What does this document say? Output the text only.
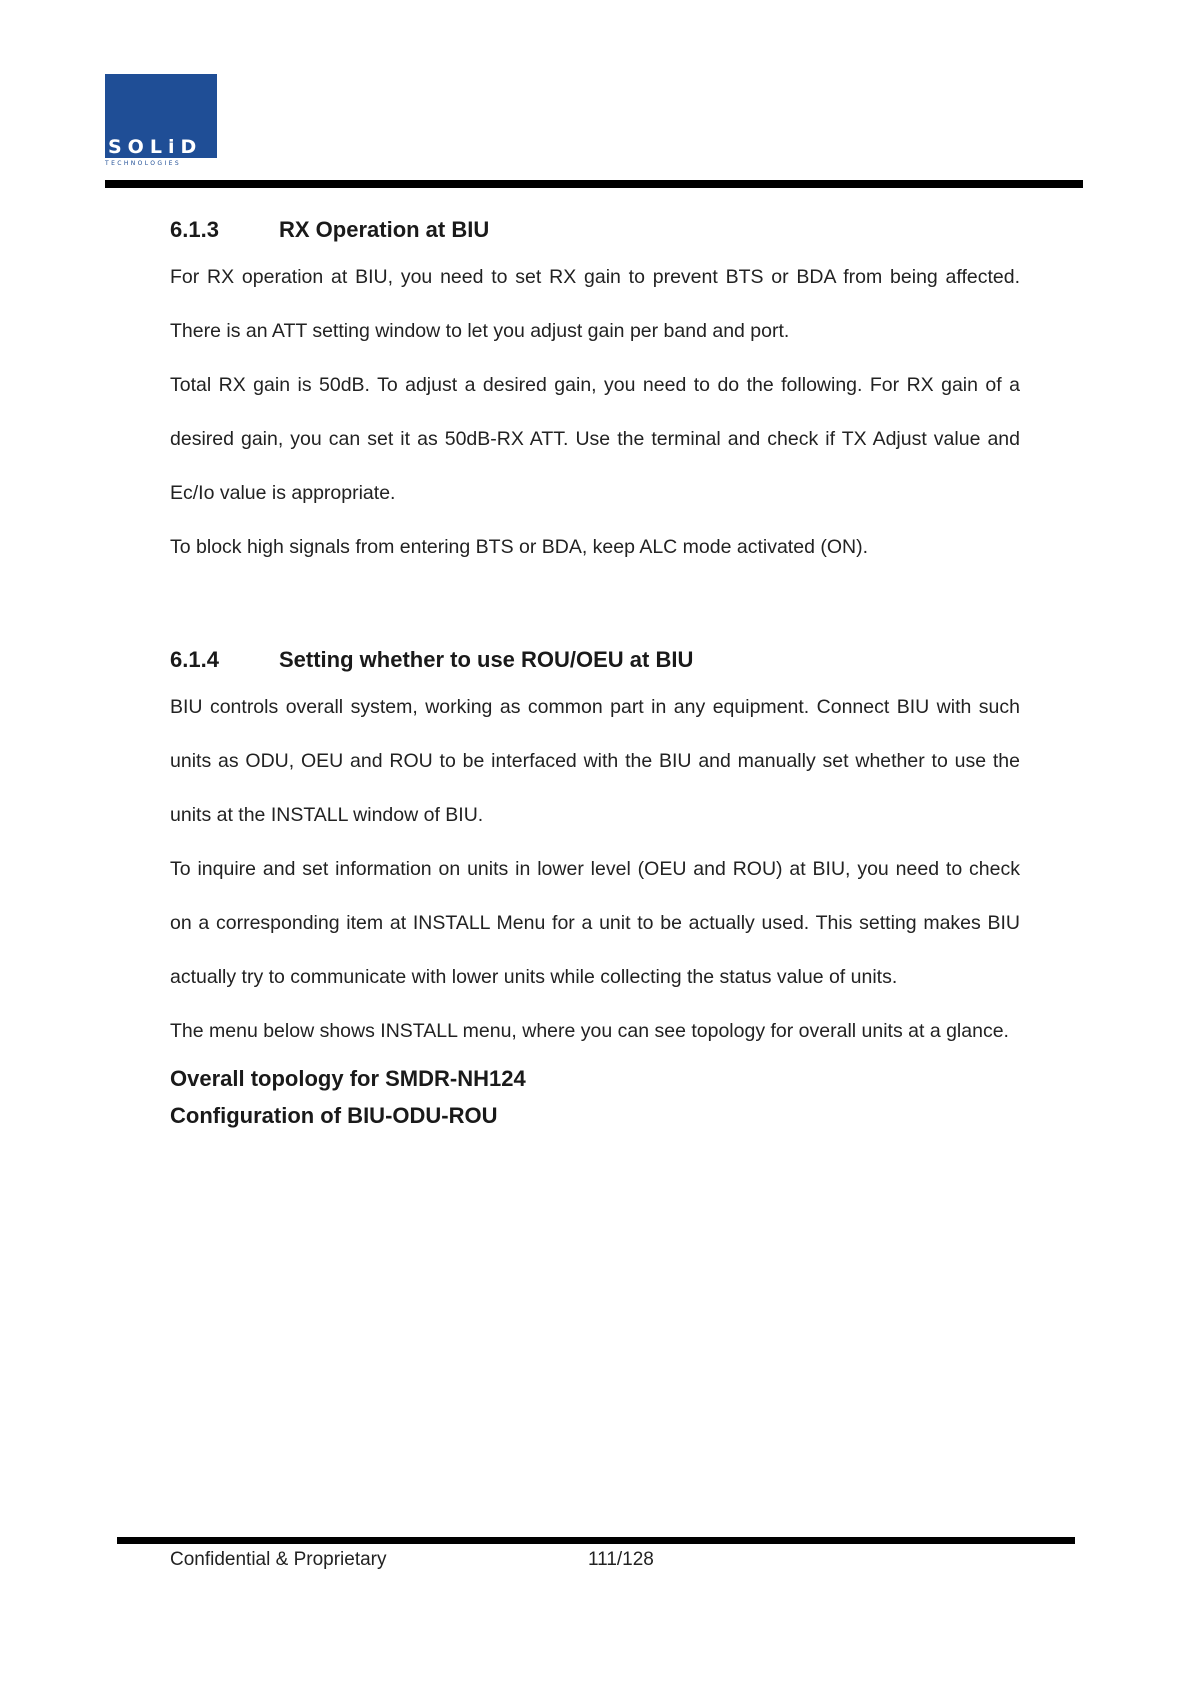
SOLiD
TECHNOLOGIES
6.1.3	RX Operation at BIU

For RX operation at BIU, you need to set RX gain to prevent BTS or BDA from being affected. There is an ATT setting window to let you adjust gain per band and port.

Total RX gain is 50dB. To adjust a desired gain, you need to do the following. For RX gain of a desired gain, you can set it as 50dB-RX ATT. Use the terminal and check if TX Adjust value and Ec/Io value is appropriate.

To block high signals from entering BTS or BDA, keep ALC mode activated (ON).

6.1.4	Setting whether to use ROU/OEU at BIU

BIU controls overall system, working as common part in any equipment. Connect BIU with such units as ODU, OEU and ROU to be interfaced with the BIU and manually set whether to use the units at the INSTALL window of BIU.

To inquire and set information on units in lower level (OEU and ROU) at BIU, you need to check on a corresponding item at INSTALL Menu for a unit to be actually used. This setting makes BIU actually try to communicate with lower units while collecting the status value of units.

The menu below shows INSTALL menu, where you can see topology for overall units at a glance.

Overall topology for SMDR-NH124
Configuration of BIU-ODU-ROU
Confidential & Proprietary	111/128
